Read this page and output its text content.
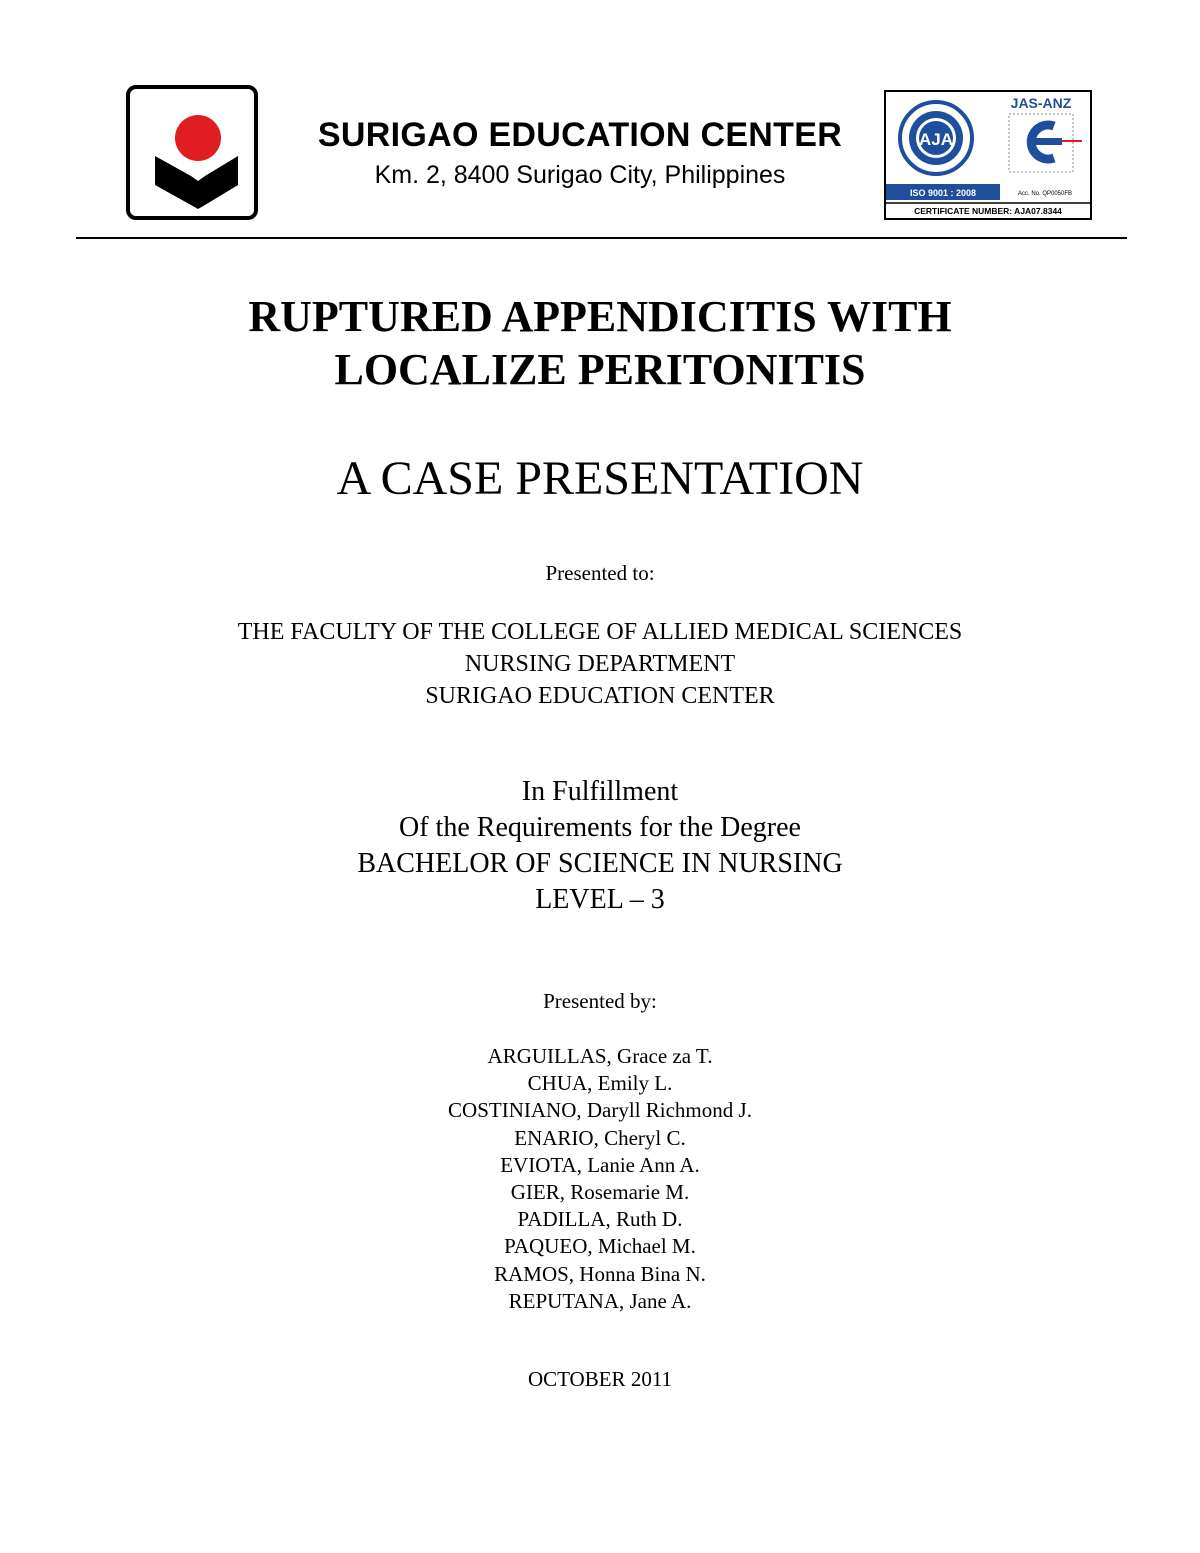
SURIGAO EDUCATION CENTER
Km. 2, 8400 Surigao City, Philippines
AJA
JAS-ANZ
ISO 9001 : 2008	Acc. No. QP0050FB
CERTIFICATE NUMBER: AJA07.8344
RUPTURED APPENDICITIS WITH
LOCALIZE PERITONITIS
A CASE PRESENTATION
Presented to:
THE FACULTY OF THE COLLEGE OF ALLIED MEDICAL SCIENCES
NURSING DEPARTMENT
SURIGAO EDUCATION CENTER
In Fulfillment
Of the Requirements for the Degree
BACHELOR OF SCIENCE IN NURSING
LEVEL – 3
Presented by:
ARGUILLAS, Grace za T.
CHUA, Emily L.
COSTINIANO, Daryll Richmond J.
ENARIO, Cheryl C.
EVIOTA, Lanie Ann A.
GIER, Rosemarie M.
PADILLA, Ruth D.
PAQUEO, Michael M.
RAMOS, Honna Bina N.
REPUTANA, Jane A.
OCTOBER 2011
